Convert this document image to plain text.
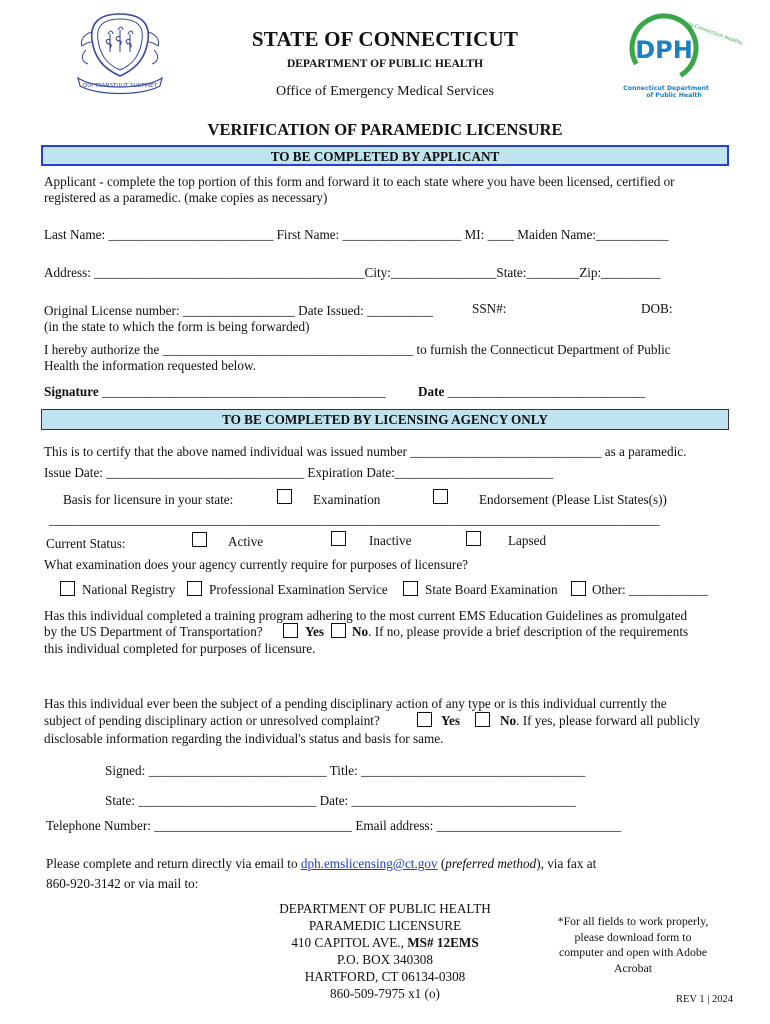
QUI TRANSTULIT SUSTINET
STATE OF CONNECTICUT
DEPARTMENT OF PUBLIC HEALTH
Office of Emergency Medical Services
DPH
Keeping Connecticut Healthy
Connecticut Department
of Public Health
VERIFICATION OF PARAMEDIC LICENSURE
TO BE COMPLETED BY APPLICANT
Applicant - complete the top portion of this form and forward it to each state where you have been licensed, certified or
registered as a paramedic. (make copies as necessary)
Last Name: _________________________ First Name: __________________ MI: ____ Maiden Name:___________
Address: _________________________________________City:________________State:________Zip:_________
Original License number: _________________ Date Issued: __________	SSN#:	DOB:
(in the state to which the form is being forwarded)
I hereby authorize the ______________________________________ to furnish the Connecticut Department of Public
Health the information requested below.
Signature ___________________________________________ Date ______________________________
TO BE COMPLETED BY LICENSING AGENCY ONLY
This is to certify that the above named individual was issued number _____________________________ as a paramedic.
Issue Date: ______________________________ Expiration Date:________________________
Basis for licensure in your state:	Examination	Endorsement (Please List States(s))
_______________________________________________________________________________________________
Current Status:	Active	Inactive	Lapsed
What examination does your agency currently require for purposes of licensure?
National Registry	Professional Examination Service	State Board Examination	Other: ____________
Has this individual completed a training program adhering to the most current EMS Education Guidelines as promulgated
by the US Department of Transportation?	Yes No. If no, please provide a brief description of the requirements
this individual completed for purposes of licensure.
Has this individual ever been the subject of a pending disciplinary action of any type or is this individual currently the
subject of pending disciplinary action or unresolved complaint?	Yes	No. If yes, please forward all publicly
disclosable information regarding the individual's status and basis for same.
Signed: ___________________________ Title: __________________________________
State: ___________________________ Date: __________________________________
Telephone Number: ______________________________ Email address: ____________________________
Please complete and return directly via email to dph.emslicensing@ct.gov (preferred method), via fax at
860-920-3142 or via mail to:
DEPARTMENT OF PUBLIC HEALTH
PARAMEDIC LICENSURE
410 CAPITOL AVE., MS# 12EMS
P.O. BOX 340308
HARTFORD, CT 06134-0308
860-509-7975 x1 (o)
*For all fields to work properly,
please download form to
computer and open with Adobe
Acrobat
REV 1 | 2024
